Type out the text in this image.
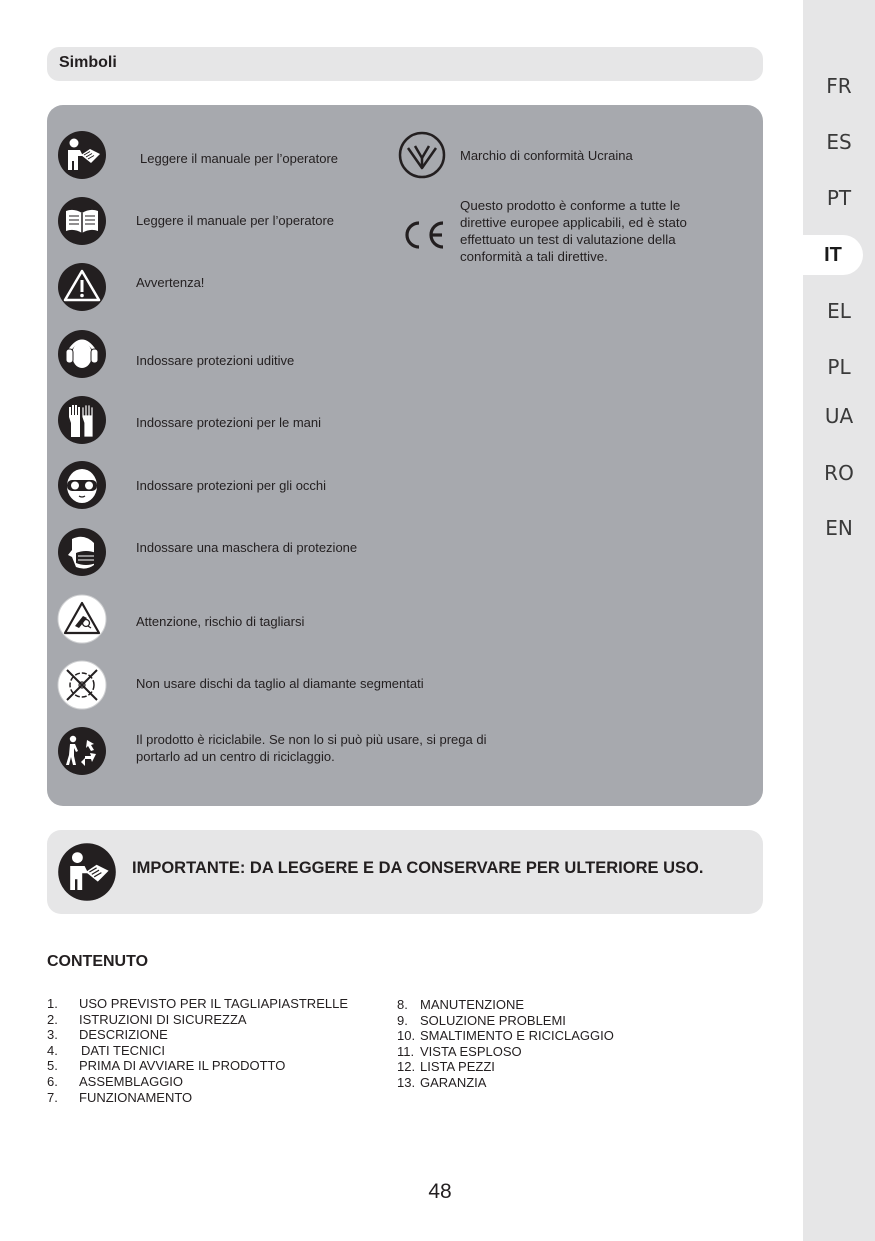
FR
ES
PT
IT
EL
PL
UA
RO
EN
Simboli
Leggere il manuale per l’operatore
Leggere il manuale per l’operatore
Avvertenza!
Indossare protezioni uditive
Indossare protezioni per le mani
Indossare protezioni per gli occhi
Indossare una maschera di protezione
Attenzione, rischio di tagliarsi
Non usare dischi da taglio al diamante segmentati
Il prodotto è riciclabile. Se non lo si può più usare, si prega di portarlo ad un centro di riciclaggio.
Marchio di conformità Ucraina
Questo prodotto è conforme a tutte le direttive europee applicabili, ed è stato effettuato un test di valutazione della conformità a tali direttive.
IMPORTANTE: DA LEGGERE E DA CONSERVARE PER ULTERIORE USO.
CONTENUTO
1. USO PREVISTO PER IL TAGLIAPIASTRELLE
2. ISTRUZIONI DI SICUREZZA
3. DESCRIZIONE
4. DATI TECNICI
5. PRIMA DI AVVIARE IL PRODOTTO
6. ASSEMBLAGGIO
7. FUNZIONAMENTO
8. MANUTENZIONE
9. SOLUZIONE PROBLEMI
10. SMALTIMENTO E RICICLAGGIO
11. VISTA ESPLOSO
12. LISTA PEZZI
13. GARANZIA
48
